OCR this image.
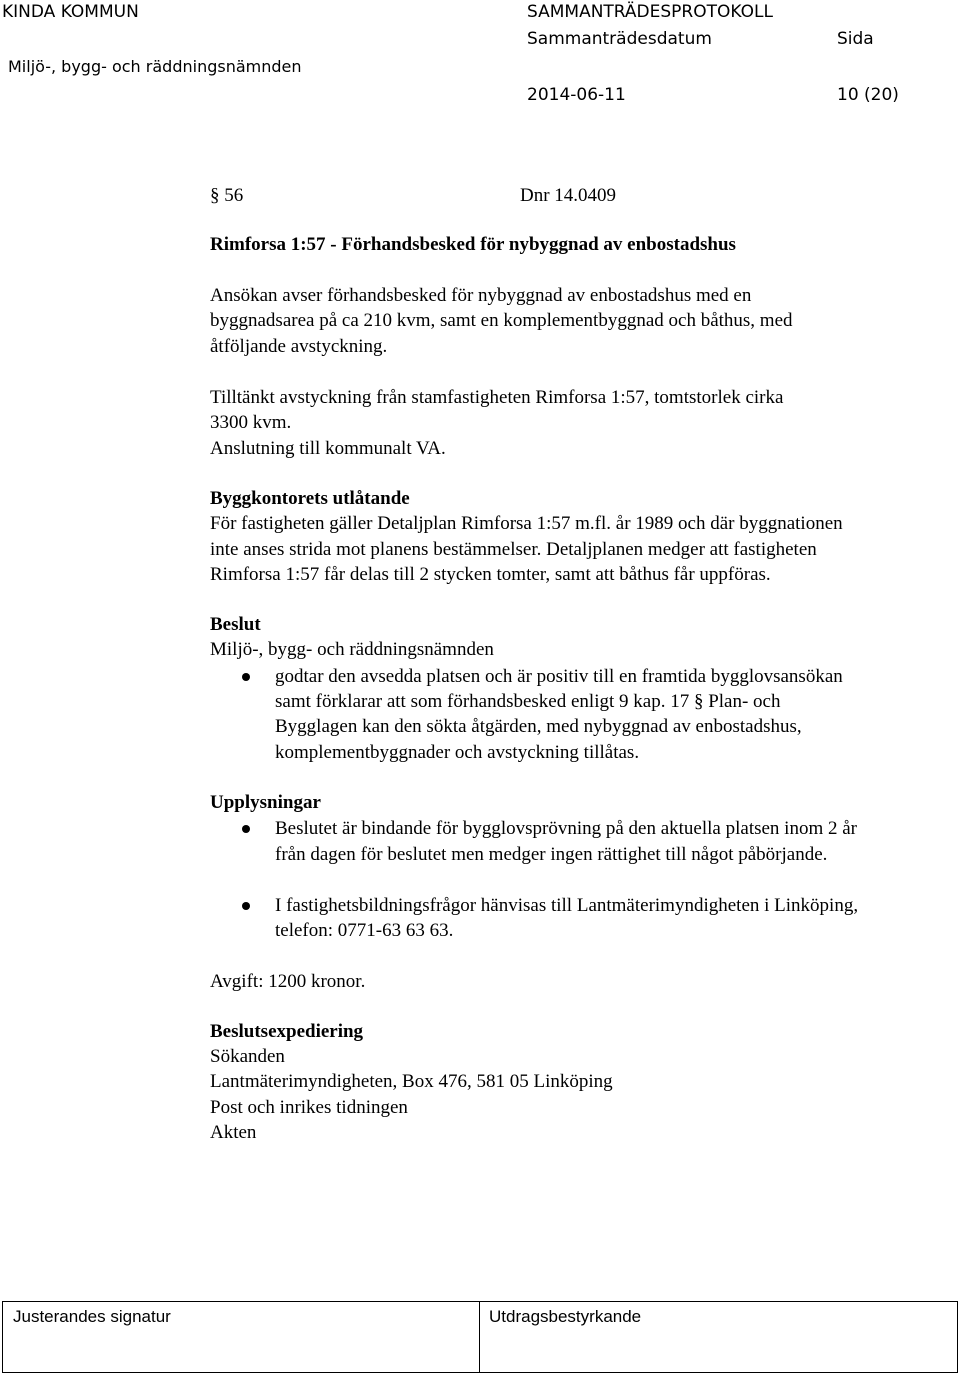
KINDA KOMMUN
Miljö-, bygg- och räddningsnämnden
SAMMANTRÄDESPROTOKOLL
Sammanträdesdatum	Sida
2014-06-11	10 (20)
§ 56	Dnr 14.0409
Rimforsa 1:57 - Förhandsbesked för nybyggnad av enbostadshus
Ansökan avser förhandsbesked för nybyggnad av enbostadshus med en
byggnadsarea på ca 210 kvm, samt en komplementbyggnad och båthus, med
åtföljande avstyckning.
Tilltänkt avstyckning från stamfastigheten Rimforsa 1:57, tomtstorlek cirka
3300 kvm.
Anslutning till kommunalt VA.
Byggkontorets utlåtande
För fastigheten gäller Detaljplan Rimforsa 1:57 m.fl. år 1989 och där byggnationen
inte anses strida mot planens bestämmelser. Detaljplanen medger att fastigheten
Rimforsa 1:57 får delas till 2 stycken tomter, samt att båthus får uppföras.
Beslut
Miljö-, bygg- och räddningsnämnden
godtar den avsedda platsen och är positiv till en framtida bygglovsansökan
samt förklarar att som förhandsbesked enligt 9 kap. 17 § Plan- och
Bygglagen kan den sökta åtgärden, med nybyggnad av enbostadshus,
komplementbyggnader och avstyckning tillåtas.
Upplysningar
Beslutet är bindande för bygglovsprövning på den aktuella platsen inom 2 år
från dagen för beslutet men medger ingen rättighet till något påbörjande.
I fastighetsbildningsfrågor hänvisas till Lantmäterimyndigheten i Linköping,
telefon: 0771-63 63 63.
Avgift: 1200 kronor.
Beslutsexpediering
Sökanden
Lantmäterimyndigheten, Box 476, 581 05 Linköping
Post och inrikes tidningen
Akten
Justerandes signatur	Utdragsbestyrkande
